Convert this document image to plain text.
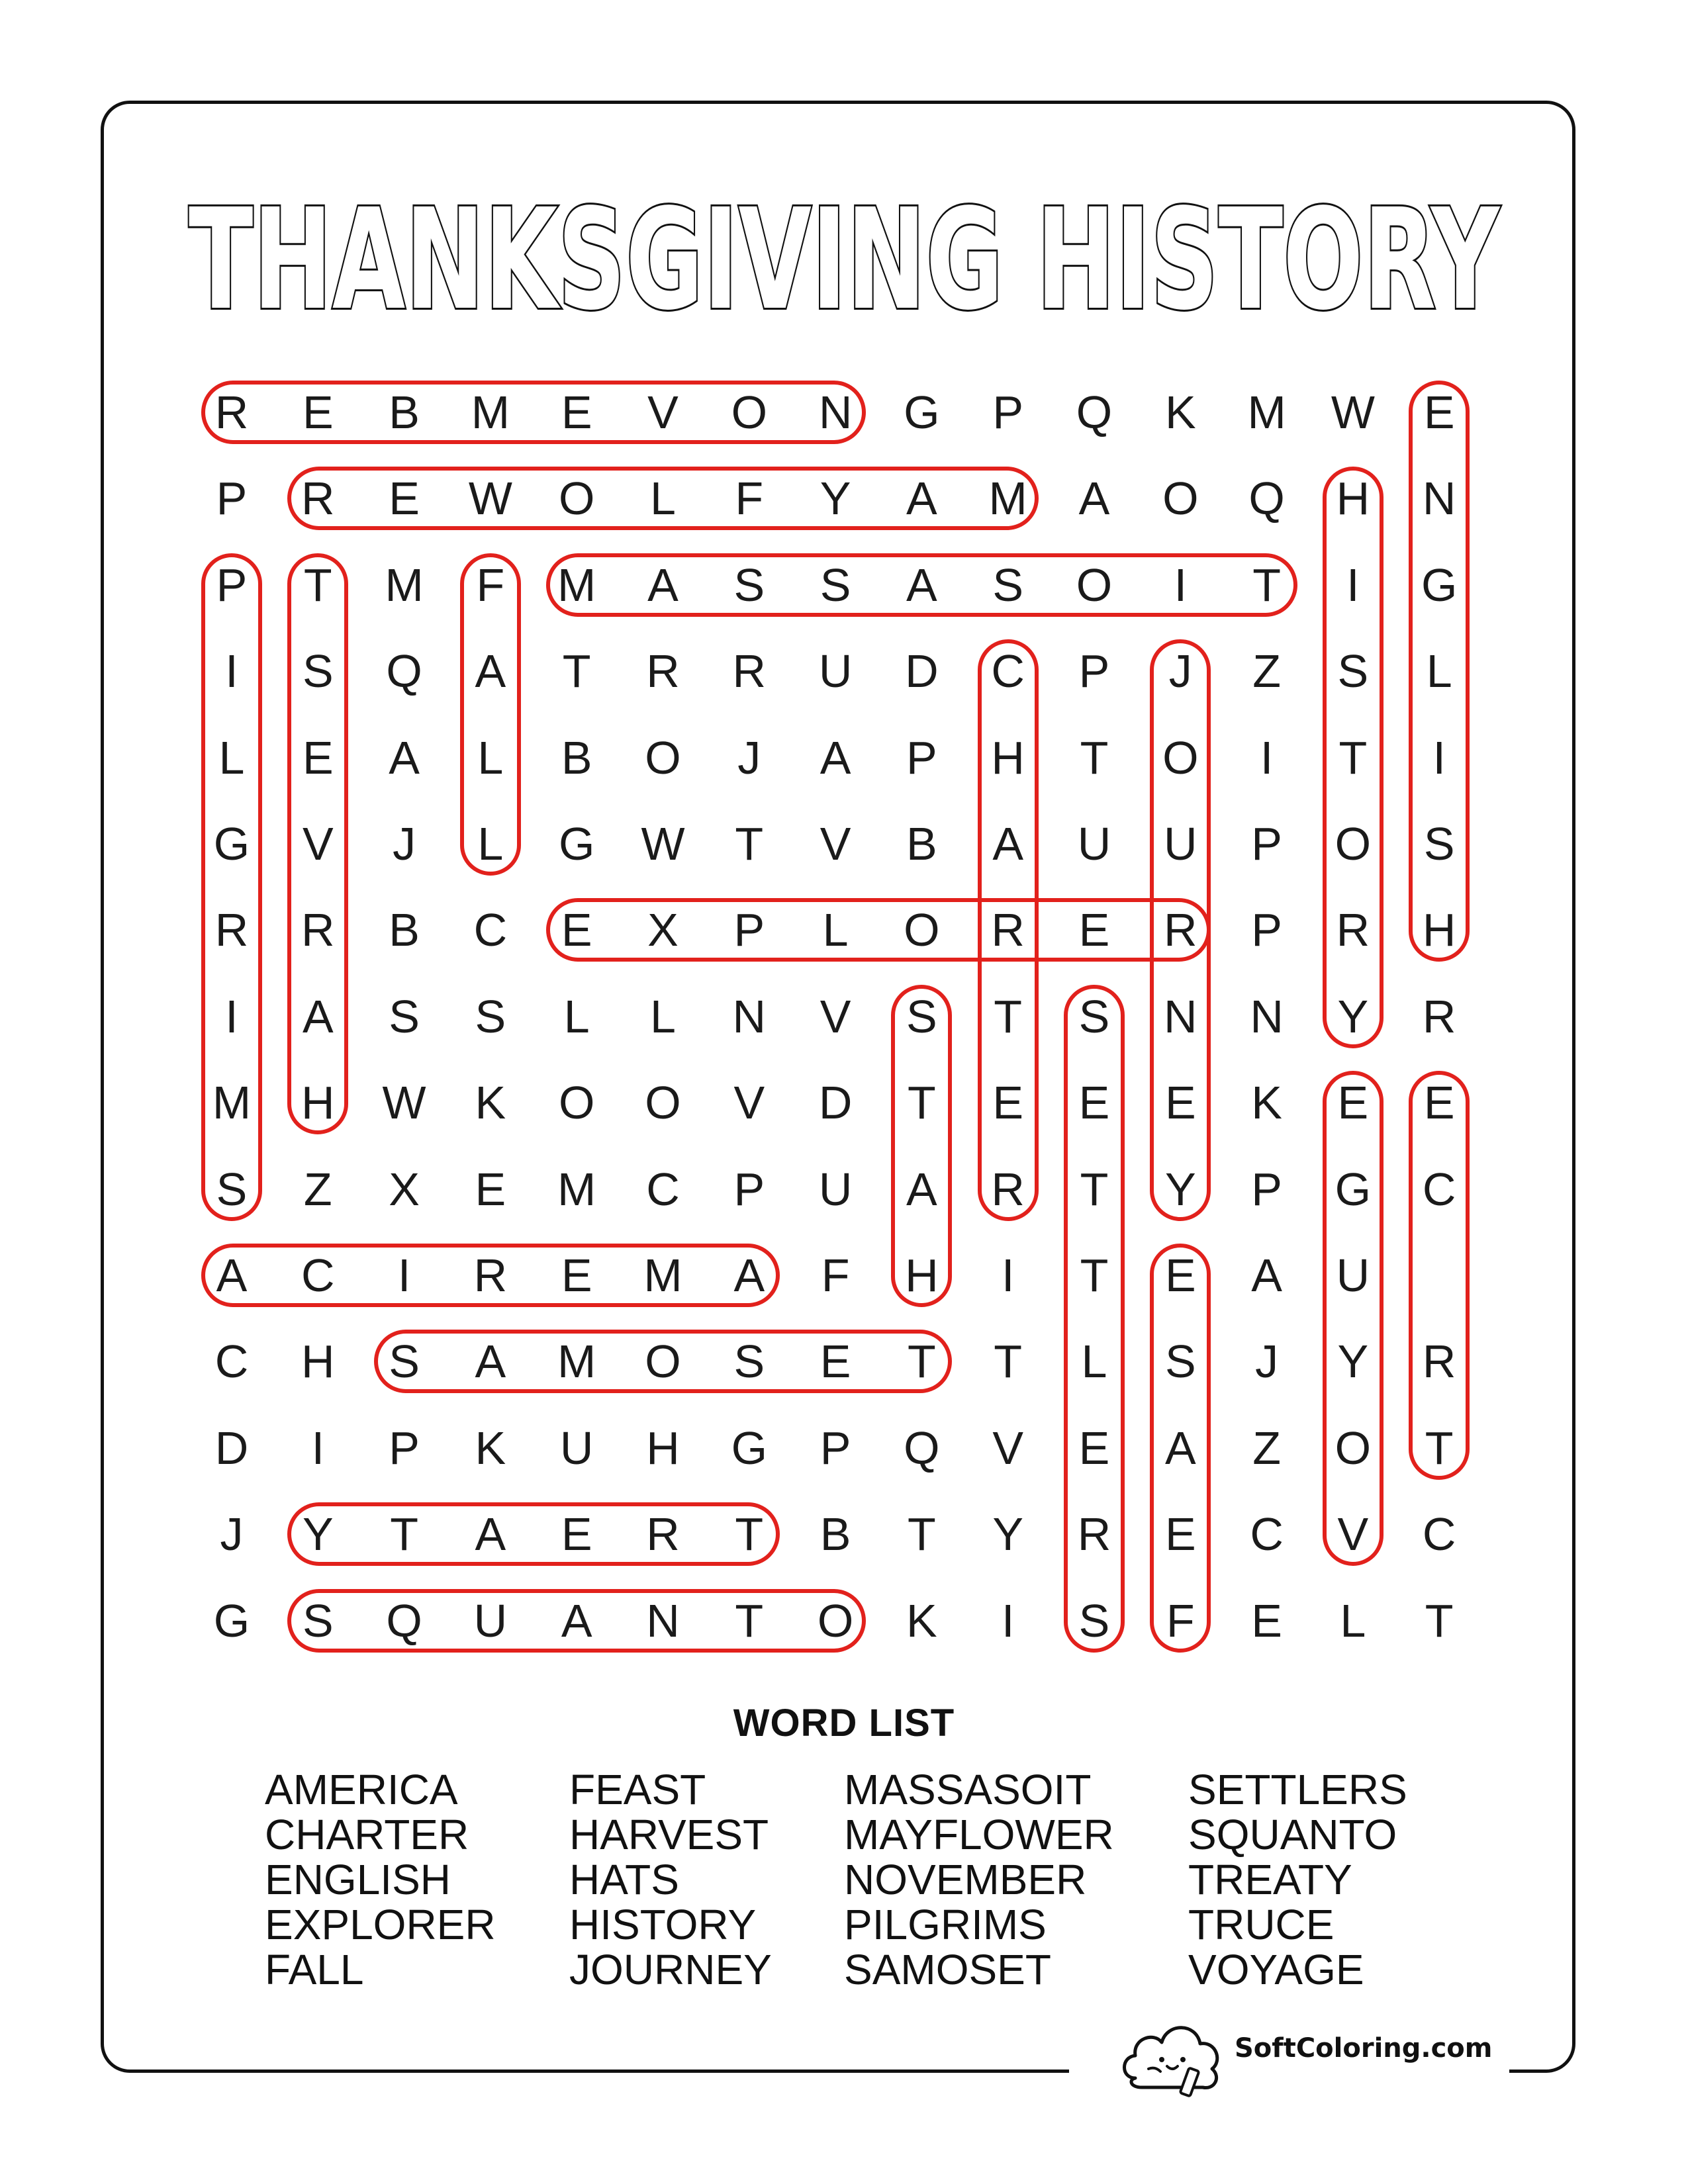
THANKSGIVING HISTORY
R E B M E V O N G P Q K M W E
P R E W O L F Y A M A O Q H N
P T M F M A S S A S O	I	T	I	G
I	S Q A T R R U D C P	J	Z S L
L E A L B O	J	A P H T O	I	T	I
G V	J	L G W T V B A U U P O S
R R B C E X P L O R E R P R H
I	A S S L L N V S T S N N Y R
M H W K O O V D T E E E K E E
S Z X E M C P U A R T Y P G C
A C	I	R E M A F H	I	T E A U
C H S A M O S E T T L S	J	Y R
D	I	P K U H G P Q V E A Z O T
J	Y T A E R T B T Y R E C V C
G S Q U A N T O K	I	S F E L T
WORD LIST
AMERICA
CHARTER
ENGLISH
EXPLORER
FALL
FEAST
HARVEST
HATS
HISTORY
JOURNEY
MASSASOIT
MAYFLOWER
NOVEMBER
PILGRIMS
SAMOSET
SETTLERS
SQUANTO
TREATY
TRUCE
VOYAGE
SoftColoring.com
